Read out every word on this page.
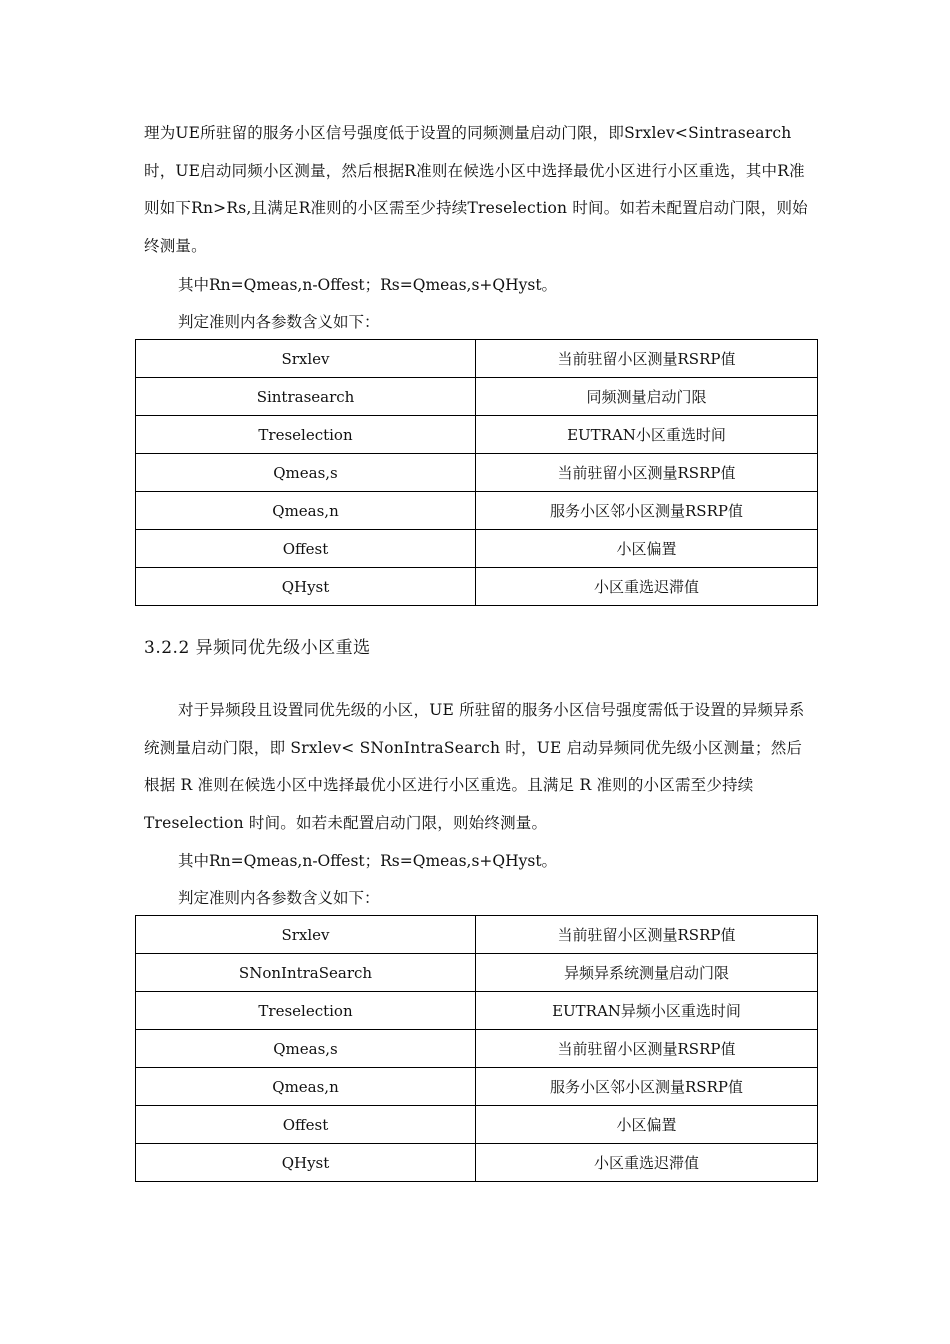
理为UE所驻留的服务小区信号强度低于设置的同频测量启动门限，即Srxlev<Sintrasearch时，UE启动同频小区测量，然后根据R准则在候选小区中选择最优小区进行小区重选，其中R准则如下Rn>Rs,且满足R准则的小区需至少持续Treselection 时间。如若未配置启动门限，则始终测量。

其中Rn=Qmeas,n-Offest；Rs=Qmeas,s+QHyst。

判定准则内各参数含义如下：

Srxlev	当前驻留小区测量RSRP值
Sintrasearch	同频测量启动门限
Treselection	EUTRAN小区重选时间
Qmeas,s	当前驻留小区测量RSRP值
Qmeas,n	服务小区邻小区测量RSRP值
Offest	小区偏置
QHyst	小区重选迟滞值
3.2.2 异频同优先级小区重选

对于异频段且设置同优先级的小区，UE 所驻留的服务小区信号强度需低于设置的异频异系统测量启动门限，即 Srxlev< SNonIntraSearch 时，UE 启动异频同优先级小区测量；然后根据 R 准则在候选小区中选择最优小区进行小区重选。且满足 R 准则的小区需至少持续Treselection 时间。如若未配置启动门限，则始终测量。

其中Rn=Qmeas,n-Offest；Rs=Qmeas,s+QHyst。

判定准则内各参数含义如下：

Srxlev	当前驻留小区测量RSRP值
SNonIntraSearch	异频异系统测量启动门限
Treselection	EUTRAN异频小区重选时间
Qmeas,s	当前驻留小区测量RSRP值
Qmeas,n	服务小区邻小区测量RSRP值
Offest	小区偏置
QHyst	小区重选迟滞值
